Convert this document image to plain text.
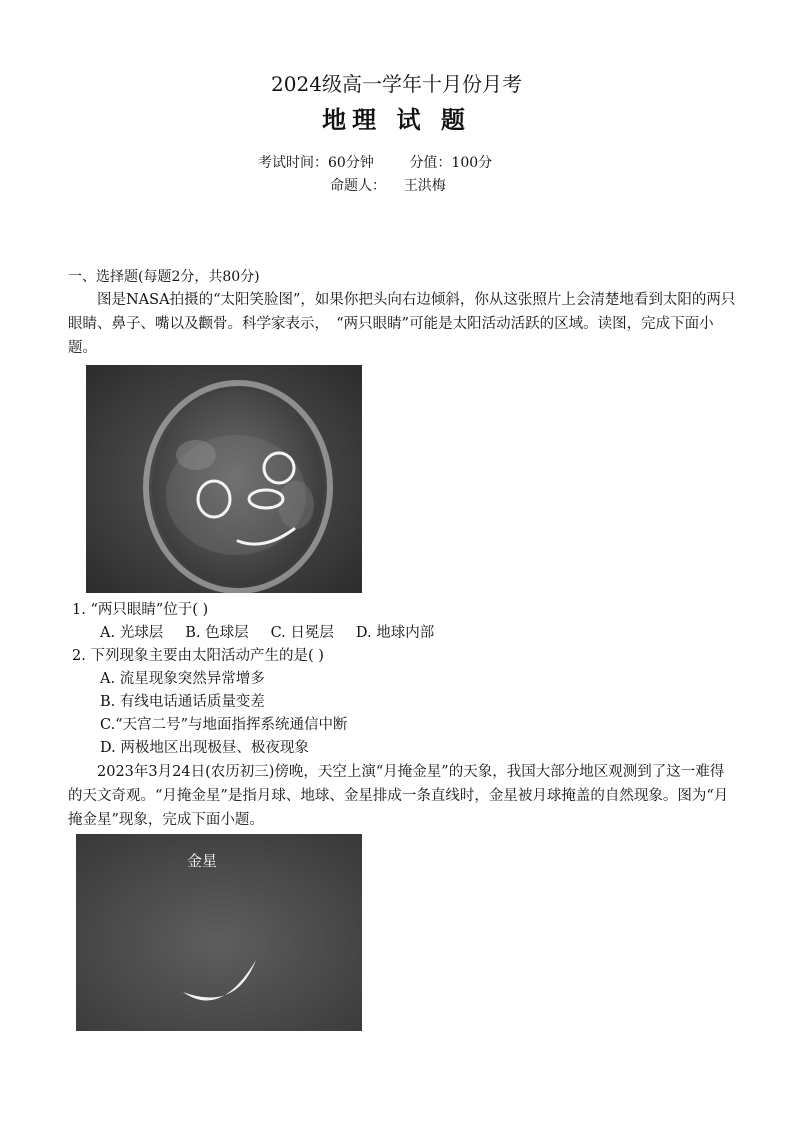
2024级高一学年十月份月考
地理 试 题
考试时间：60分钟	分值：100分
命题人： 王洪梅
一、选择题(每题2分，共80分)

图是NASA拍摄的“太阳笑脸图”，如果你把头向右边倾斜，你从这张照片上会清楚地看到太阳的两只眼睛、鼻子、嘴以及颧骨。科学家表示，　“两只眼睛”可能是太阳活动活跃的区域。读图，完成下面小题。

1. “两只眼睛”位于( )
A. 光球层 B. 色球层 C. 日冕层 D. 地球内部
2. 下列现象主要由太阳活动产生的是( )
A. 流星现象突然异常增多
B. 有线电话通话质量变差
C.“天宫二号”与地面指挥系统通信中断
D. 两极地区出现极昼、极夜现象

2023年3月24日(农历初三)傍晚，天空上演“月掩金星”的天象，我国大部分地区观测到了这一难得的天文奇观。“月掩金星”是指月球、地球、金星排成一条直线时，金星被月球掩盖的自然现象。图为“月掩金星”现象，完成下面小题。

金星
